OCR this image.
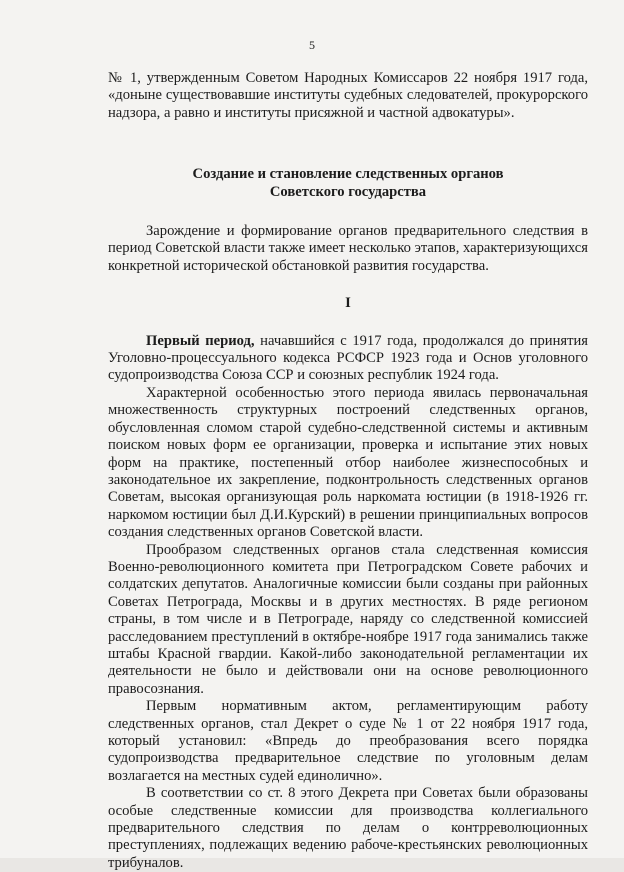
5

№ 1, утвержденным Советом Народных Комиссаров 22 ноября 1917 года, «доныне существовавшие институты судебных следователей, прокурорского надзора, а равно и институты присяжной и частной адвокатуры».

Создание и становление следственных органов
Советского государства

Зарождение и формирование органов предварительного следствия в период Советской власти также имеет несколько этапов, характеризующихся конкретной исторической обстановкой развития государства.

I

Первый период, начавшийся с 1917 года, продолжался до принятия Уголовно-процессуального кодекса РСФСР 1923 года и Основ уголовного судопроизводства Союза ССР и союзных республик 1924 года.

Характерной особенностью этого периода явилась первоначальная множественность структурных построений следственных органов, обусловленная сломом старой судебно-следственной системы и активным поиском новых форм ее организации, проверка и испытание этих новых форм на практике, постепенный отбор наиболее жизнеспособных и законодательное их закрепление, подконтрольность следственных органов Советам, высокая организующая роль наркомата юстиции (в 1918-1926 гг. наркомом юстиции был Д.И.Курский) в решении принципиальных вопросов создания следственных органов Советской власти.

Прообразом следственных органов стала следственная комиссия Военно-революционного комитета при Петроградском Совете рабочих и солдатских депутатов. Аналогичные комиссии были созданы при районных Советах Петрограда, Москвы и в других местностях. В ряде регионом страны, в том числе и в Петрограде, наряду со следственной комиссией расследованием преступлений в октябре-ноябре 1917 года занимались также штабы Красной гвардии. Какой-либо законодательной регламентации их деятельности не было и действовали они на основе революционного правосознания.

Первым нормативным актом, регламентирующим работу следственных органов, стал Декрет о суде № 1 от 22 ноября 1917 года, который установил: «Впредь до преобразования всего порядка судопроизводства предварительное следствие по уголовным делам возлагается на местных судей единолично».

В соответствии со ст. 8 этого Декрета при Советах были образованы особые следственные комиссии для производства коллегиального предварительного следствия по делам о контрреволюционных преступлениях, подлежащих ведению рабоче-крестьянских революционных трибуналов.
